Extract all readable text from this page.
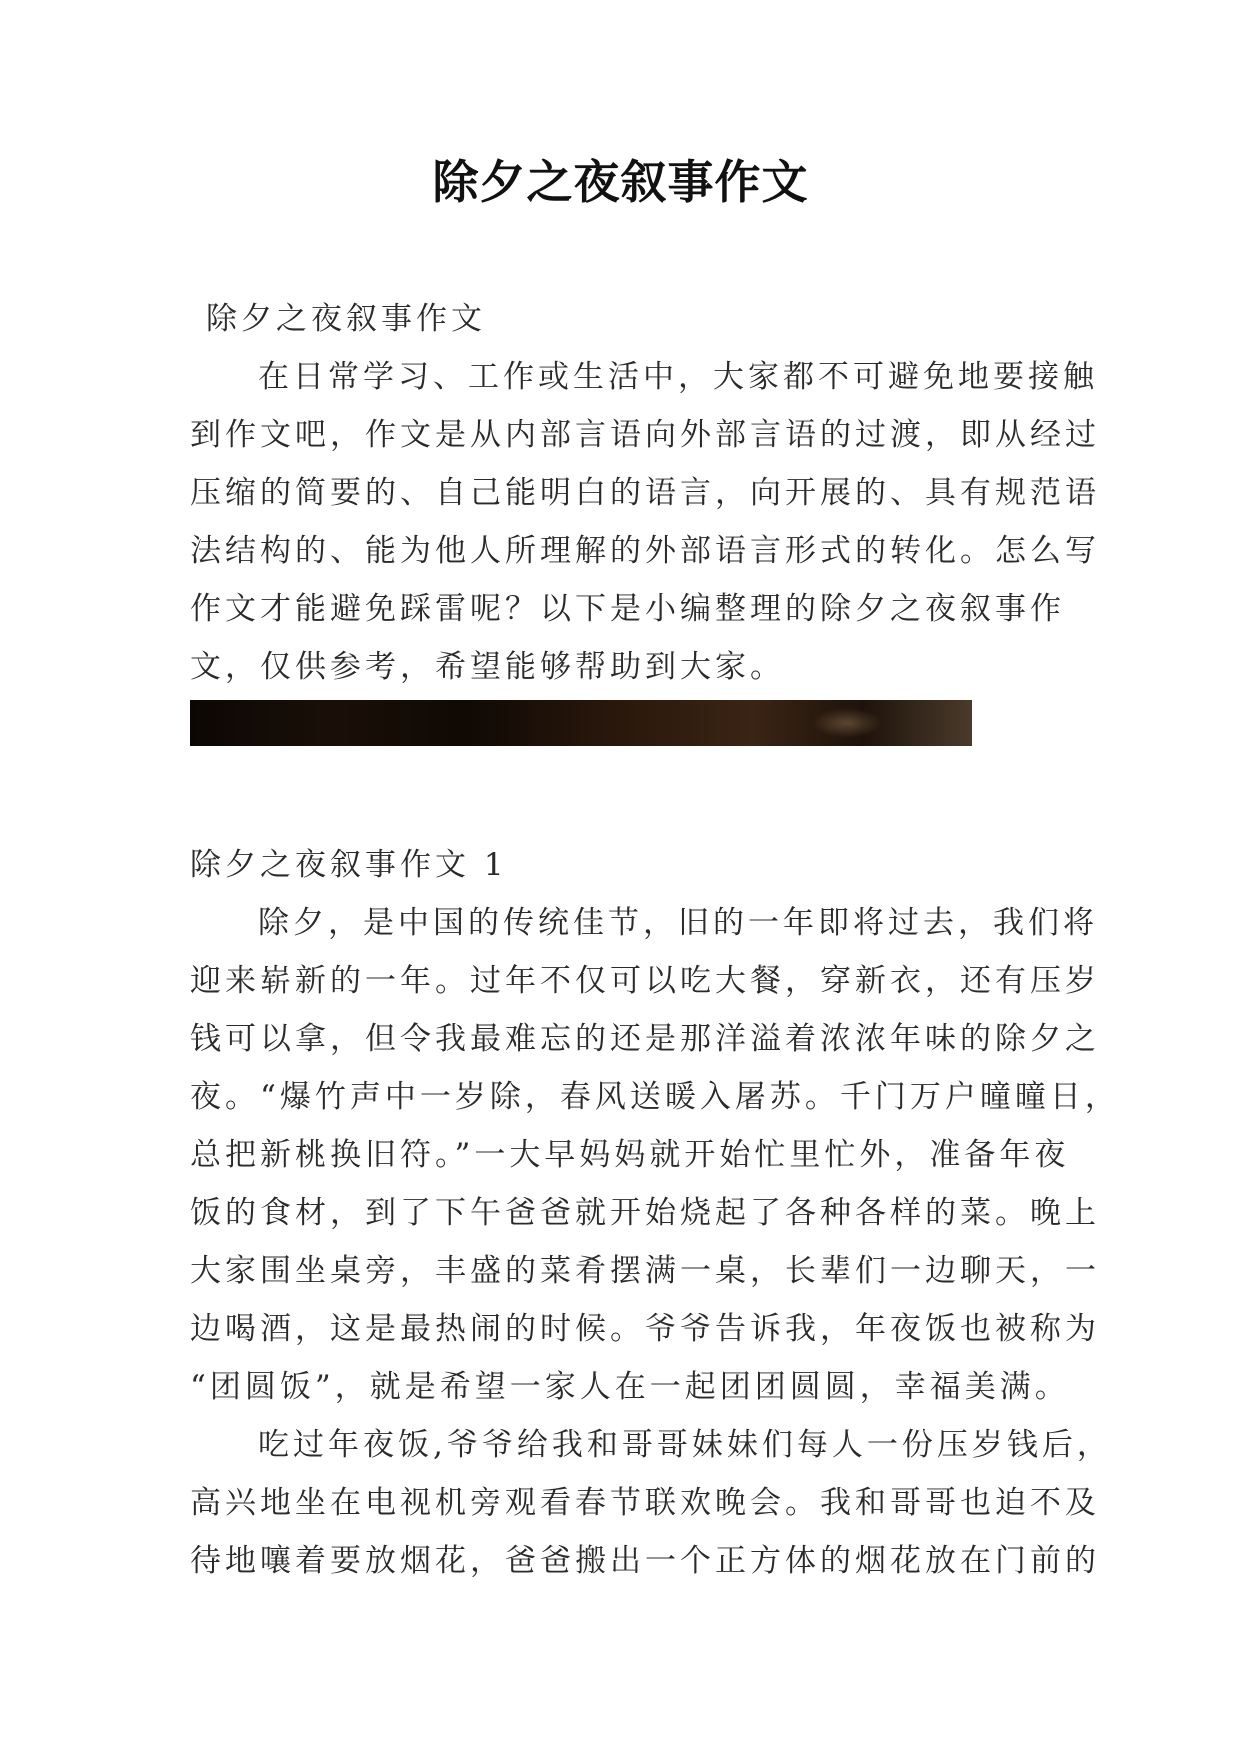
除夕之夜叙事作文
除夕之夜叙事作文
在日常学习、工作或生活中，大家都不可避免地要接触
到作文吧，作文是从内部言语向外部言语的过渡，即从经过
压缩的简要的、自己能明白的语言，向开展的、具有规范语
法结构的、能为他人所理解的外部语言形式的转化。怎么写
作文才能避免踩雷呢？以下是小编整理的除夕之夜叙事作
文，仅供参考，希望能够帮助到大家。
除夕之夜叙事作文 1
除夕，是中国的传统佳节，旧的一年即将过去，我们将
迎来崭新的一年。过年不仅可以吃大餐，穿新衣，还有压岁
钱可以拿，但令我最难忘的还是那洋溢着浓浓年味的除夕之
夜。“爆竹声中一岁除，春风送暖入屠苏。千门万户曈曈日，
总把新桃换旧符。”一大早妈妈就开始忙里忙外，准备年夜
饭的食材，到了下午爸爸就开始烧起了各种各样的菜。晚上
大家围坐桌旁，丰盛的菜肴摆满一桌，长辈们一边聊天，一
边喝酒，这是最热闹的时候。爷爷告诉我，年夜饭也被称为
“团圆饭”，就是希望一家人在一起团团圆圆，幸福美满。
吃过年夜饭,爷爷给我和哥哥妹妹们每人一份压岁钱后，
高兴地坐在电视机旁观看春节联欢晚会。我和哥哥也迫不及
待地嚷着要放烟花，爸爸搬出一个正方体的烟花放在门前的
